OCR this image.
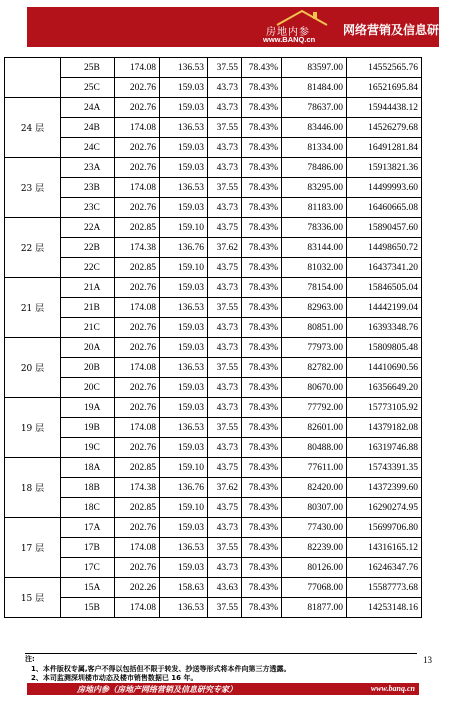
房地内参
www.BANQ.cn
网络营销及信息研究专家
	25B	174.08	136.53	37.55	78.43%	83597.00	14552565.76
	25C	202.76	159.03	43.73	78.43%	81484.00	16521695.84
24 层	24A	202.76	159.03	43.73	78.43%	78637.00	15944438.12
	24B	174.08	136.53	37.55	78.43%	83446.00	14526279.68
	24C	202.76	159.03	43.73	78.43%	81334.00	16491281.84
23 层	23A	202.76	159.03	43.73	78.43%	78486.00	15913821.36
	23B	174.08	136.53	37.55	78.43%	83295.00	14499993.60
	23C	202.76	159.03	43.73	78.43%	81183.00	16460665.08
22 层	22A	202.85	159.10	43.75	78.43%	78336.00	15890457.60
	22B	174.38	136.76	37.62	78.43%	83144.00	14498650.72
	22C	202.85	159.10	43.75	78.43%	81032.00	16437341.20
21 层	21A	202.76	159.03	43.73	78.43%	78154.00	15846505.04
	21B	174.08	136.53	37.55	78.43%	82963.00	14442199.04
	21C	202.76	159.03	43.73	78.43%	80851.00	16393348.76
20 层	20A	202.76	159.03	43.73	78.43%	77973.00	15809805.48
	20B	174.08	136.53	37.55	78.43%	82782.00	14410690.56
	20C	202.76	159.03	43.73	78.43%	80670.00	16356649.20
19 层	19A	202.76	159.03	43.73	78.43%	77792.00	15773105.92
	19B	174.08	136.53	37.55	78.43%	82601.00	14379182.08
	19C	202.76	159.03	43.73	78.43%	80488.00	16319746.88
18 层	18A	202.85	159.10	43.75	78.43%	77611.00	15743391.35
	18B	174.38	136.76	37.62	78.43%	82420.00	14372399.60
	18C	202.85	159.10	43.75	78.43%	80307.00	16290274.95
17 层	17A	202.76	159.03	43.73	78.43%	77430.00	15699706.80
	17B	174.08	136.53	37.55	78.43%	82239.00	14316165.12
	17C	202.76	159.03	43.73	78.43%	80126.00	16246347.76
15 层	15A	202.26	158.63	43.63	78.43%	77068.00	15587773.68
	15B	174.08	136.53	37.55	78.43%	81877.00	14253148.16
注:
1、本件版权专属,客户不得以包括但不限于转发、抄送等形式将本件向第三方透露。
2、本司监测深圳楼市动态及楼市销售数据已 16 年。
13
房地内参（房地产网络营销及信息研究专家）	www.banq.cn
